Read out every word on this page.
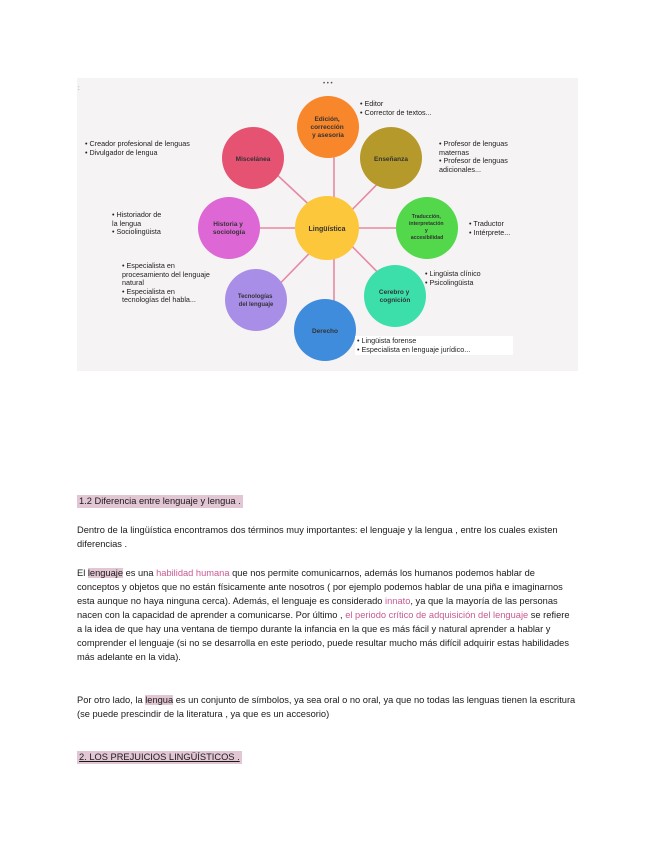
Lingüística
Edición, corrección y asesoría
Enseñanza
Traducción, interpretación y accesibilidad
Cerebro y cognición
Derecho
Tecnologías del lenguaje
Historia y sociología
Miscelánea
• Editor
• Corrector de textos...
• Profesor de lenguas
maternas
• Profesor de lenguas
adicionales...
• Traductor
• Intérprete...
• Lingüista clínico
• Psicolingüista
• Lingüista forense
• Especialista en lenguaje jurídico...
• Especialista en
procesamiento del lenguaje
natural
• Especialista en
tecnologías del habla...
• Historiador de
la lengua
• Sociolingüista
• Creador profesional de lenguas
• Divulgador de lengua
• • •
:
1.2 Diferencia entre lenguaje y lengua .
Dentro de la lingüística encontramos dos términos muy importantes: el lenguaje y la lengua , entre los cuales existen diferencias .
El lenguaje es una habilidad humana que nos permite comunicarnos, además los humanos podemos hablar de conceptos y objetos que no están físicamente ante nosotros ( por ejemplo podemos hablar de una piña e imaginarnos esta aunque no haya ninguna cerca). Además, el lenguaje es considerado innato, ya que la mayoría de las personas nacen con la capacidad de aprender a comunicarse. Por último , el periodo crítico de adquisición del lenguaje se refiere a la idea de que hay una ventana de tiempo durante la infancia en la que es más fácil y natural aprender a hablar y comprender el lenguaje (si no se desarrolla en este periodo, puede resultar mucho más difícil adquirir estas habilidades más adelante en la vida).
Por otro lado, la lengua es un conjunto de símbolos, ya sea oral o no oral, ya que no todas las lenguas tienen la escritura (se puede prescindir de la literatura , ya que es un accesorio)
2. LOS PREJUICIOS LINGÜÍSTICOS .
